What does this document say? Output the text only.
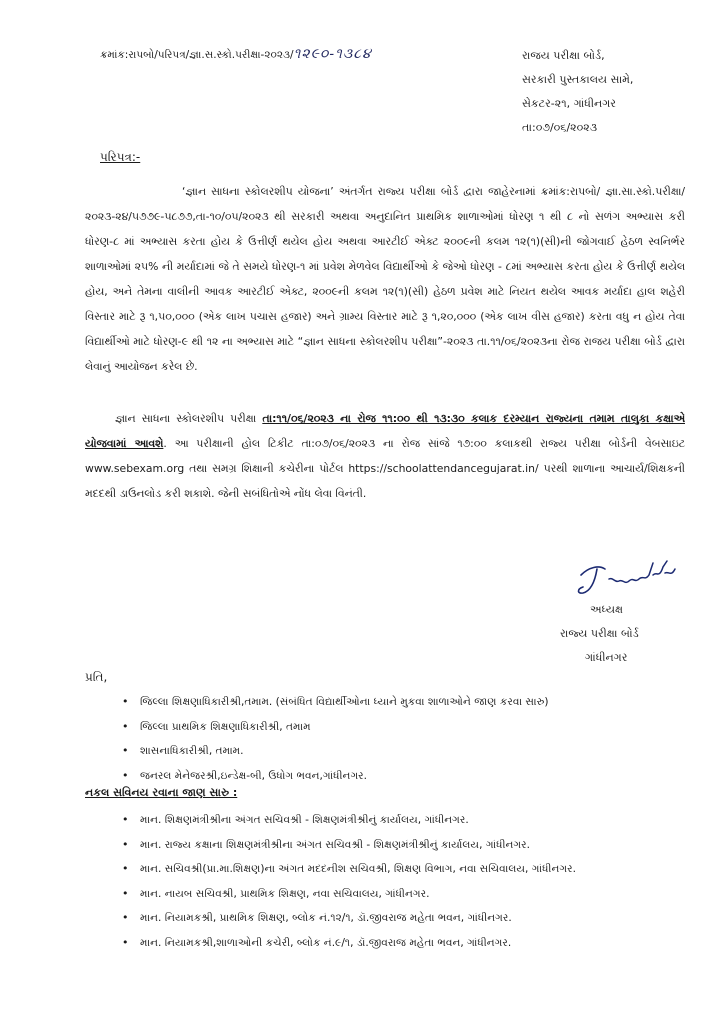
ક્રમાંક:રાપબો/પરિપત્ર/જ્ઞા.સ.સ્કો.પરીક્ષા-૨૦૨૩/૧૨૯૦-૧૩૮૪	રાજય પરીક્ષા બોર્ડ,
સરકારી પુસ્તકાલય સામે,
સેકટર-૨૧, ગાંધીનગર
તા:૦૭/૦૬/૨૦૨૩
પરિપત્ર:-

‘જ્ઞાન સાધના સ્કોલરશીપ યોજના’ અંતર્ગત રાજ્ય પરીક્ષા બોર્ડ દ્વારા જાહેરનામાં ક્રમાંક:રાપબો/ જ્ઞા.સા.સ્કો.પરીક્ષા/૨૦૨૩-૨૪/૫૭૭૯-૫૮૭૭,તા-૧૦/૦૫/૨૦૨૩ થી સરકારી અથવા અનુદાનિત પ્રાથમિક શાળાઓમાં ધોરણ ૧ થી ૮ નો સળંગ અભ્યાસ કરી ધોરણ-૮ માં અભ્યાસ કરતા હોય કે ઉત્તીર્ણ થયેલ હોય અથવા આરટીઈ એક્ટ ૨૦૦૯ની કલમ ૧૨(૧)(સી)ની જોગવાઈ હેઠળ સ્વનિર્ભર શાળાઓમાં ૨૫% ની મર્યાદામાં જે તે સમયે ધોરણ-૧ માં પ્રવેશ મેળવેલ વિદ્યાર્થીઓ કે જેઓ ધોરણ - ૮માં અભ્યાસ કરતા હોય કે ઉત્તીર્ણ થયેલ હોય, અને તેમના વાલીની આવક આરટીઈ એક્ટ, ૨૦૦૯ની કલમ ૧૨(૧)(સી) હેઠળ પ્રવેશ માટે નિયત થયેલ આવક મર્યાદા હાલ શહેરી વિસ્તાર માટે રૂ ૧,૫૦,૦૦૦ (એક લાખ પચાસ હજાર) અને ગ્રામ્ય વિસ્તાર માટે રૂ ૧,૨૦,૦૦૦ (એક લાખ વીસ હજાર) કરતા વધુ ન હોય તેવા વિદ્યાર્થીઓ માટે ધોરણ-૯ થી ૧૨ ના અભ્યાસ માટે “જ્ઞાન સાધના સ્કોલરશીપ પરીક્ષા”-૨૦૨૩ તા.૧૧/૦૬/૨૦૨૩ના રોજ રાજય પરીક્ષા બોર્ડ દ્વારા લેવાનું આયોજન કરેલ છે.

જ્ઞાન સાધના સ્કોલરશીપ પરીક્ષા તા:૧૧/૦૬/૨૦૨૩ ના રોજ ૧૧:૦૦ થી ૧૩:૩૦ કલાક દરમ્યાન રાજ્યના તમામ તાલુકા કક્ષાએ યોજવામાં આવશે. આ પરીક્ષાની હોલ ટિકીટ તા:૦૭/૦૬/૨૦૨૩ ના રોજ સાંજે ૧૭:૦૦ કલાકથી રાજ્ય પરીક્ષા બોર્ડની વેબસાઇટ www.sebexam.org તથા સમગ્ર શિક્ષાની કચેરીના પોર્ટલ https://schoolattendancegujarat.in/ પરથી શાળાના આચાર્ય/શિક્ષકની મદદથી ડાઉનલોડ કરી શકાશે. જેની સબંધિતોએ નોંધ લેવા વિનંતી.

અધ્યક્ષ
રાજ્ય પરીક્ષા બોર્ડ
ગાંધીનગર
પ્રતિ,
• જિલ્લા શિક્ષણાધિકારીશ્રી,તમામ. (સંબંધિત વિદ્યાર્થીઓના ધ્યાને મુકવા શાળાઓને જાણ કરવા સારુ)
• જિલ્લા પ્રાથમિક શિક્ષણાધિકારીશ્રી, તમામ
• શાસનાધિકારીશ્રી, તમામ.
• જનરલ મેનેજરશ્રી,ઇન્ડેક્ષ-બી, ઉધોગ ભવન,ગાંધીનગર.
નકલ સવિનય રવાના જાણ સારુ :
• માન. શિક્ષણમંત્રીશ્રીના અંગત સચિવશ્રી - શિક્ષણમંત્રીશ્રીનું કાર્યાલય, ગાંધીનગર.
• માન. રાજ્ય કક્ષાના શિક્ષણમંત્રીશ્રીના અંગત સચિવશ્રી - શિક્ષણમંત્રીશ્રીનું કાર્યાલય, ગાંધીનગર.
• માન. સચિવશ્રી(પ્રા.મા.શિક્ષણ)ના અંગત મદદનીશ સચિવશ્રી, શિક્ષણ વિભાગ, નવા સચિવાલય, ગાંધીનગર.
• માન. નાયબ સચિવશ્રી, પ્રાથમિક શિક્ષણ, નવા સચિવાલય, ગાંધીનગર.
• માન. નિયામકશ્રી, પ્રાથમિક શિક્ષણ, બ્લોક નં.૧૨/૧, ડૉ.જીવરાજ મહેતા ભવન, ગાંધીનગર.
• માન. નિયામકશ્રી,શાળાઓની કચેરી, બ્લોક નં.૯/૧, ડૉ.જીવરાજ મહેતા ભવન, ગાંધીનગર.
